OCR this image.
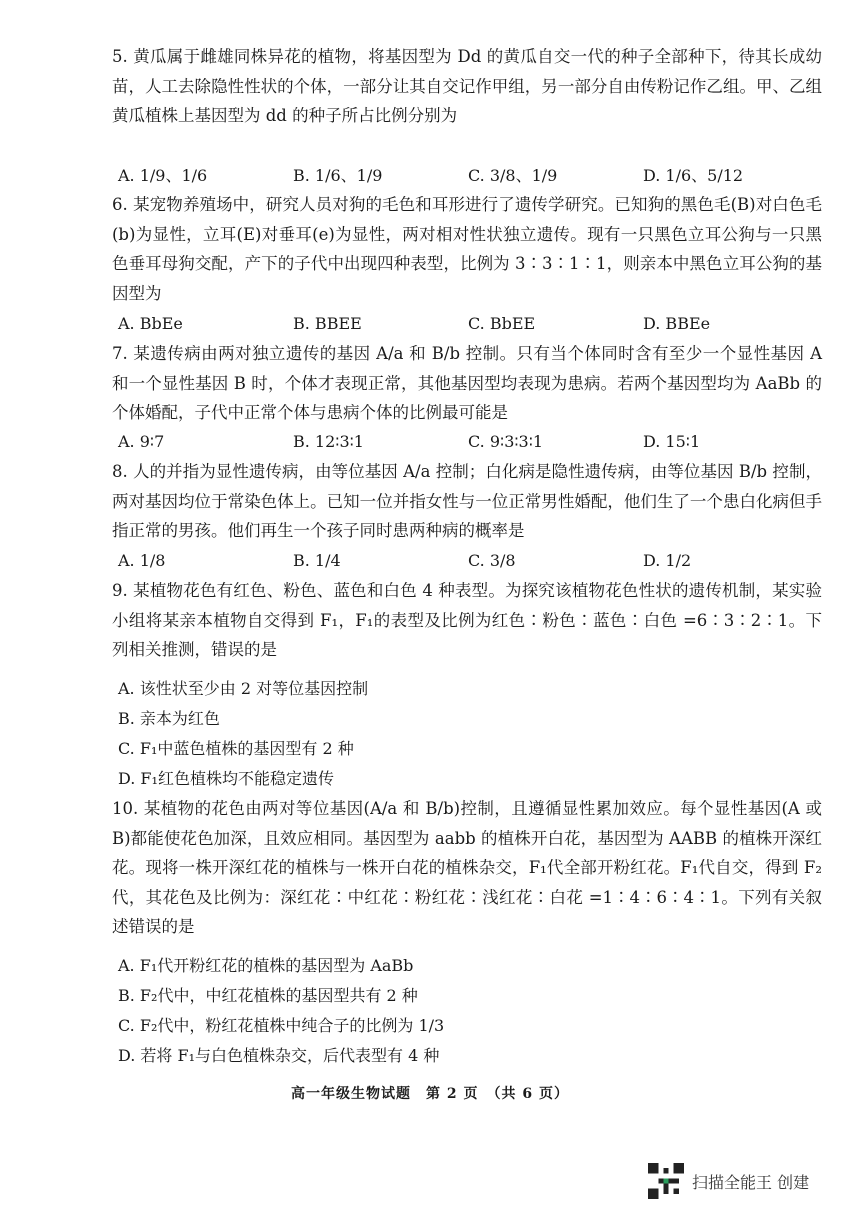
5. 黄瓜属于雌雄同株异花的植物，将基因型为 Dd 的黄瓜自交一代的种子全部种下，待其长成幼苗，人工去除隐性性状的个体，一部分让其自交记作甲组，另一部分自由传粉记作乙组。甲、乙组黄瓜植株上基因型为 dd 的种子所占比例分别为

A. 1/9、1/6	B. 1/6、1/9	C. 3/8、1/9	D. 1/6、5/12

6. 某宠物养殖场中，研究人员对狗的毛色和耳形进行了遗传学研究。已知狗的黑色毛(B)对白色毛(b)为显性，立耳(E)对垂耳(e)为显性，两对相对性状独立遗传。现有一只黑色立耳公狗与一只黑色垂耳母狗交配，产下的子代中出现四种表型，比例为 3∶3∶1∶1，则亲本中黑色立耳公狗的基因型为

A. BbEe	B. BBEE	C. BbEE	D. BBEe

7. 某遗传病由两对独立遗传的基因 A/a 和 B/b 控制。只有当个体同时含有至少一个显性基因 A 和一个显性基因 B 时，个体才表现正常，其他基因型均表现为患病。若两个基因型均为 AaBb 的个体婚配，子代中正常个体与患病个体的比例最可能是

A. 9∶7	B. 12∶3∶1	C. 9∶3∶3∶1	D. 15∶1

8. 人的并指为显性遗传病，由等位基因 A/a 控制；白化病是隐性遗传病，由等位基因 B/b 控制，两对基因均位于常染色体上。已知一位并指女性与一位正常男性婚配，他们生了一个患白化病但手指正常的男孩。他们再生一个孩子同时患两种病的概率是

A. 1/8	B. 1/4	C. 3/8	D. 1/2

9. 某植物花色有红色、粉色、蓝色和白色 4 种表型。为探究该植物花色性状的遗传机制，某实验小组将某亲本植物自交得到 F₁，F₁的表型及比例为红色∶粉色∶蓝色∶白色 =6∶3∶2∶1。下列相关推测，错误的是

A. 该性状至少由 2 对等位基因控制
B. 亲本为红色
C. F₁中蓝色植株的基因型有 2 种
D. F₁红色植株均不能稳定遗传

10. 某植物的花色由两对等位基因(A/a 和 B/b)控制，且遵循显性累加效应。每个显性基因(A 或 B)都能使花色加深，且效应相同。基因型为 aabb 的植株开白花，基因型为 AABB 的植株开深红花。现将一株开深红花的植株与一株开白花的植株杂交，F₁代全部开粉红花。F₁代自交，得到 F₂代，其花色及比例为：深红花∶中红花∶粉红花∶浅红花∶白花 =1∶4∶6∶4∶1。下列有关叙述错误的是

A. F₁代开粉红花的植株的基因型为 AaBb
B. F₂代中，中红花植株的基因型共有 2 种
C. F₂代中，粉红花植株中纯合子的比例为 1/3
D. 若将 F₁与白色植株杂交，后代表型有 4 种
高一年级生物试题　第 2 页　（共 6 页）
扫描全能王 创建
